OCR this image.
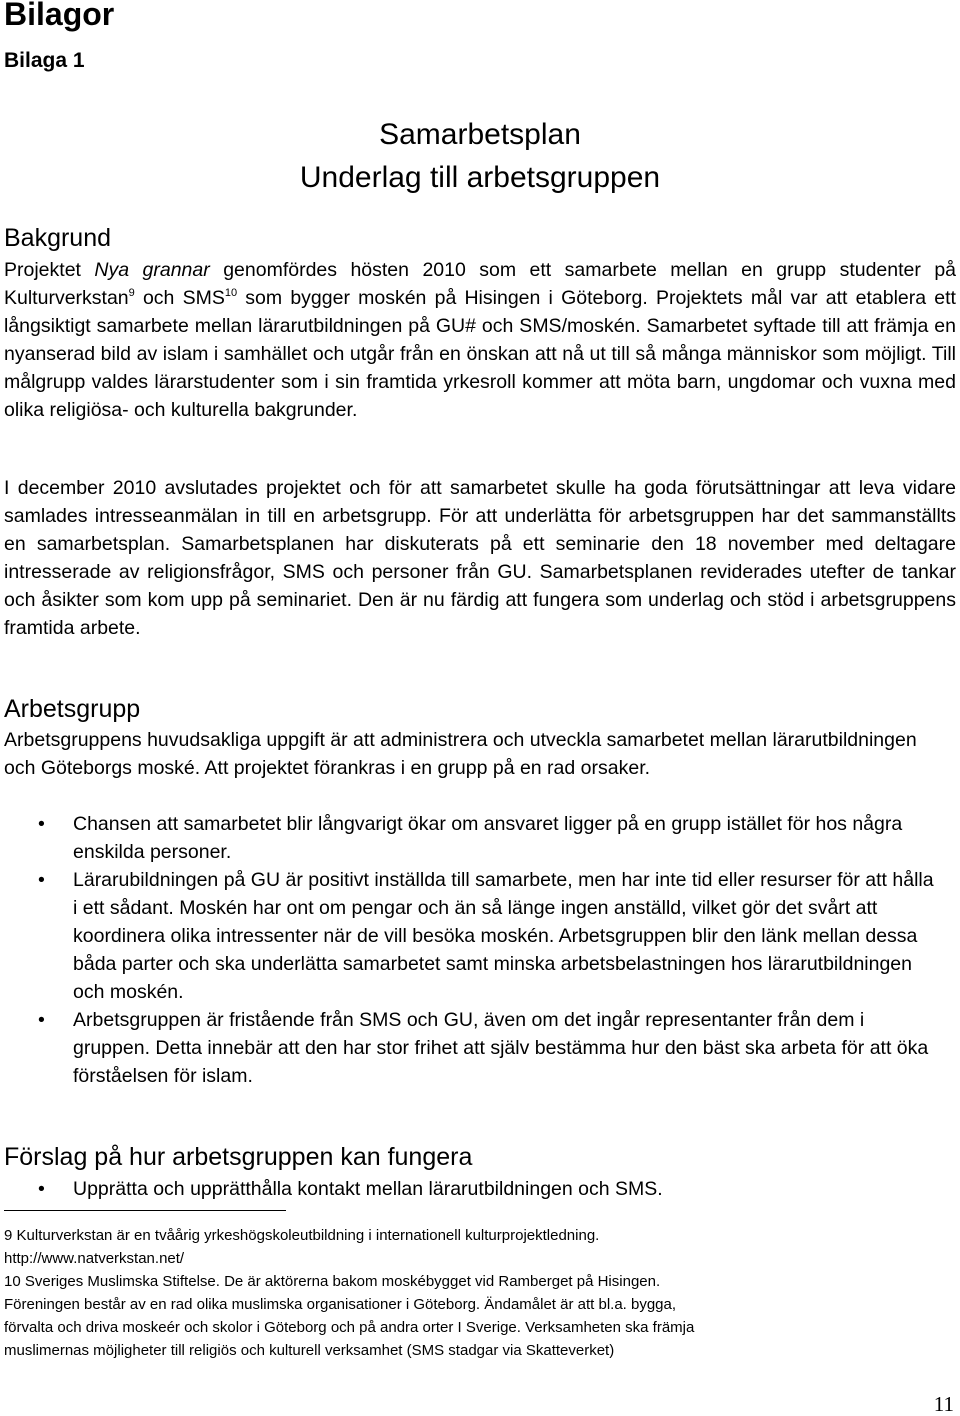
Bilagor
Bilaga 1
Samarbetsplan
Underlag till arbetsgruppen
Bakgrund

Projektet Nya grannar genomfördes hösten 2010 som ett samarbete mellan en grupp studenter på Kulturverkstan$^9$ och SMS$^{10}$ som bygger moskén på Hisingen i Göteborg. Projektets mål var att etablera ett långsiktigt samarbete mellan lärarutbildningen på GU# och SMS/moskén. Samarbetet syftade till att främja en nyanserad bild av islam i samhället och utgår från en önskan att nå ut till så många människor som möjligt. Till målgrupp valdes lärarstudenter som i sin framtida yrkesroll kommer att möta barn, ungdomar och vuxna med olika religiösa- och kulturella bakgrunder.

I december 2010 avslutades projektet och för att samarbetet skulle ha goda förutsättningar att leva vidare samlades intresseanmälan in till en arbetsgrupp. För att underlätta för arbetsgruppen har det sammanställts en samarbetsplan. Samarbetsplanen har diskuterats på ett seminarie den 18 november med deltagare intresserade av religionsfrågor, SMS och personer från GU. Samarbetsplanen reviderades utefter de tankar och åsikter som kom upp på seminariet. Den är nu färdig att fungera som underlag och stöd i arbetsgruppens framtida arbete.

Arbetsgrupp

Arbetsgruppens huvudsakliga uppgift är att administrera och utveckla samarbetet mellan lärarutbildningen och Göteborgs moské. Att projektet förankras i en grupp på en rad orsaker.

• Chansen att samarbetet blir långvarigt ökar om ansvaret ligger på en grupp istället för hos några enskilda personer.
• Lärarubildningen på GU är positivt inställda till samarbete, men har inte tid eller resurser för att hålla i ett sådant. Moskén har ont om pengar och än så länge ingen anställd, vilket gör det svårt att koordinera olika intressenter när de vill besöka moskén. Arbetsgruppen blir den länk mellan dessa båda parter och ska underlätta samarbetet samt minska arbetsbelastningen hos lärarutbildningen och moskén.
• Arbetsgruppen är fristående från SMS och GU, även om det ingår representanter från dem i gruppen. Detta innebär att den har stor frihet att själv bestämma hur den bäst ska arbeta för att öka förståelsen för islam.
Förslag på hur arbetsgruppen kan fungera
• Upprätta och upprätthålla kontakt mellan lärarutbildningen och SMS.

9 Kulturverkstan är en tvåårig yrkeshögskoleutbildning i internationell kulturprojektledning.
http://www.natverkstan.net/

10 Sveriges Muslimska Stiftelse. De är aktörerna bakom moskébygget vid Ramberget på Hisingen.
Föreningen består av en rad olika muslimska organisationer i Göteborg. Ändamålet är att bl.a. bygga,
förvalta och driva moskeér och skolor i Göteborg och på andra orter I Sverige. Verksamheten ska främja
muslimernas möjligheter till religiös och kulturell verksamhet (SMS stadgar via Skatteverket)

11
